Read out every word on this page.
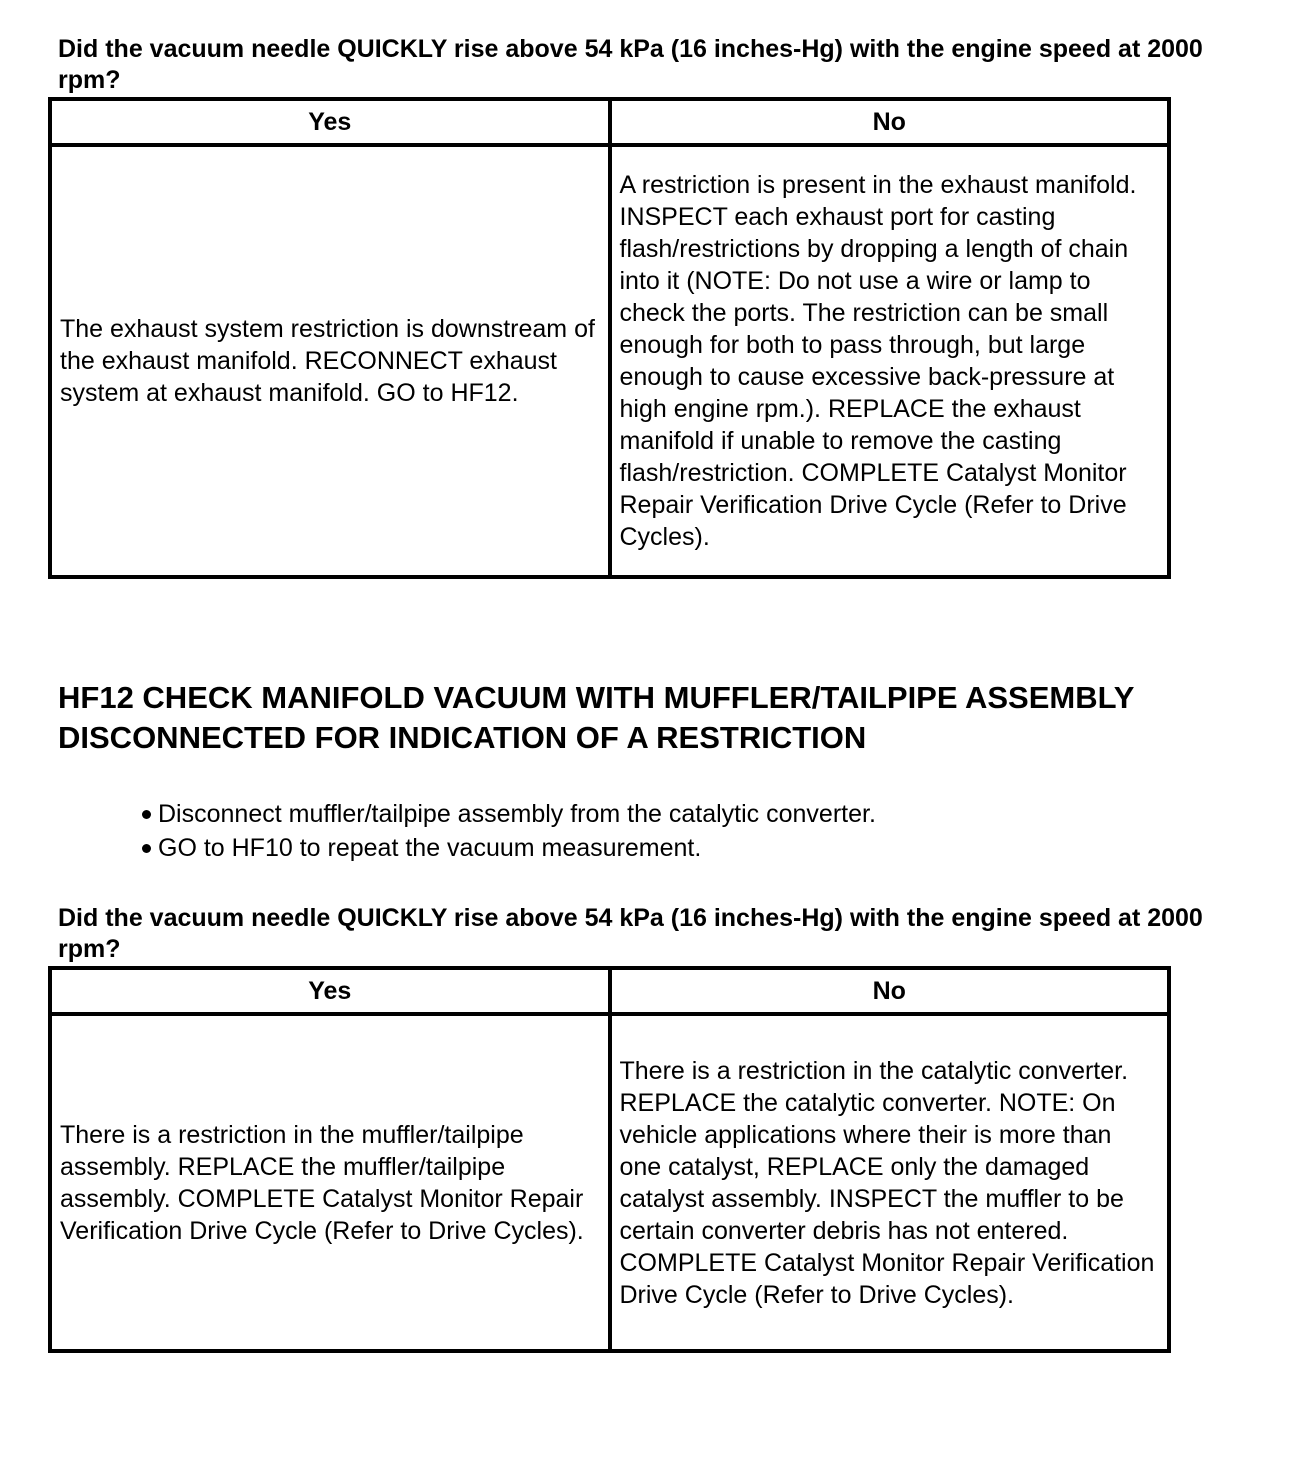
Did the vacuum needle QUICKLY rise above 54 kPa (16 inches-Hg) with the engine speed at 2000 rpm?

Yes	No
The exhaust system restriction is downstream of the exhaust manifold. RECONNECT exhaust system at exhaust manifold. GO to HF12.	A restriction is present in the exhaust manifold. INSPECT each exhaust port for casting flash/restrictions by dropping a length of chain into it (NOTE: Do not use a wire or lamp to check the ports. The restriction can be small enough for both to pass through, but large enough to cause excessive back-pressure at high engine rpm.). REPLACE the exhaust manifold if unable to remove the casting flash/restriction. COMPLETE Catalyst Monitor Repair Verification Drive Cycle (Refer to Drive Cycles).
HF12 CHECK MANIFOLD VACUUM WITH MUFFLER/TAILPIPE ASSEMBLY DISCONNECTED FOR INDICATION OF A RESTRICTION
Disconnect muffler/tailpipe assembly from the catalytic converter.
GO to HF10 to repeat the vacuum measurement.

Did the vacuum needle QUICKLY rise above 54 kPa (16 inches-Hg) with the engine speed at 2000 rpm?

Yes	No
There is a restriction in the muffler/tailpipe assembly. REPLACE the muffler/tailpipe assembly. COMPLETE Catalyst Monitor Repair Verification Drive Cycle (Refer to Drive Cycles).	There is a restriction in the catalytic converter. REPLACE the catalytic converter. NOTE: On vehicle applications where their is more than one catalyst, REPLACE only the damaged catalyst assembly. INSPECT the muffler to be certain converter debris has not entered. COMPLETE Catalyst Monitor Repair Verification Drive Cycle (Refer to Drive Cycles).
